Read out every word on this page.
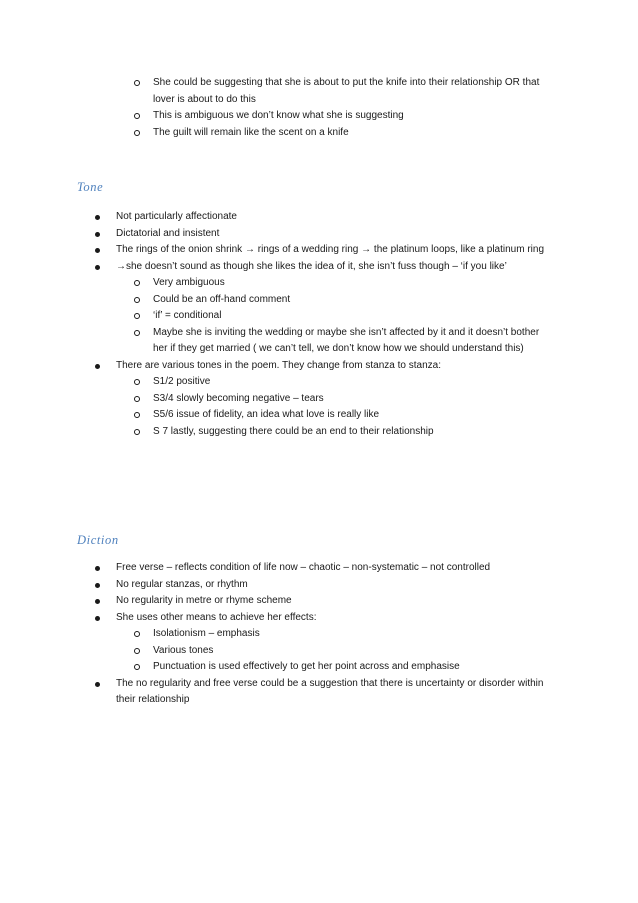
She could be suggesting that she is about to put the knife into their relationship OR that lover is about to do this
This is ambiguous we don’t know what she is suggesting
The guilt will remain like the scent on a knife
Tone
Not particularly affectionate
Dictatorial and insistent
The rings of the onion shrink → rings of a wedding ring → the platinum loops, like a platinum ring
→she doesn’t sound as though she likes the idea of it, she isn’t fuss though – ‘if you like’
Very ambiguous
Could be an off-hand comment
‘if’ = conditional
Maybe she is inviting the wedding or maybe she isn’t affected by it and it doesn’t bother her if they get married ( we can’t tell, we don’t know how we should understand this)
There are various tones in the poem. They change from stanza to stanza:
S1/2 positive
S3/4 slowly becoming negative – tears
S5/6 issue of fidelity, an idea what love is really like
S 7 lastly, suggesting there could be an end to their relationship
Diction
Free verse – reflects condition of life now – chaotic – non-systematic – not controlled
No regular stanzas, or rhythm
No regularity in metre or rhyme scheme
She uses other means to achieve her effects:
Isolationism – emphasis
Various tones
Punctuation is used effectively to get her point across and emphasise
The no regularity and free verse could be a suggestion that there is uncertainty or disorder within their relationship
